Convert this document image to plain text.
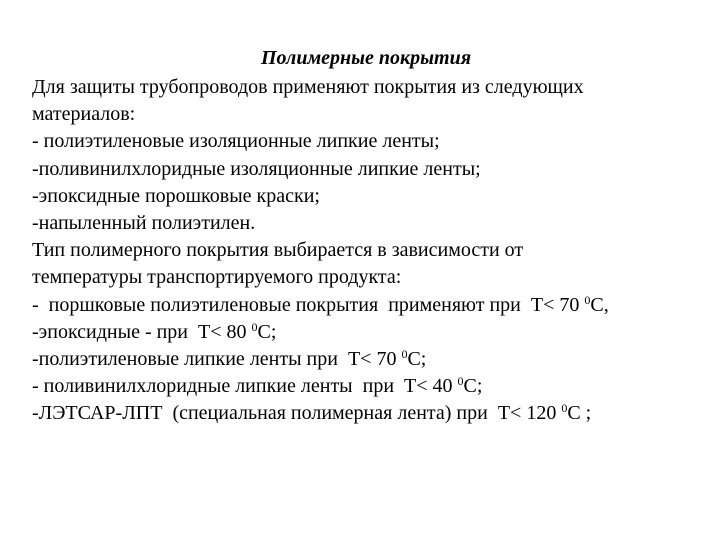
Полимерные покрытия
Для защиты трубопроводов применяют покрытия из следующих
материалов:
- полиэтиленовые изоляционные липкие ленты;
-поливинилхлоридные изоляционные липкие ленты;
-эпоксидные порошковые краски;
-напыленный полиэтилен.
Тип полимерного покрытия выбирается в зависимости от
температуры транспортируемого продукта:
-  поршковые полиэтиленовые покрытия  применяют при  T< 70 $^0$С,
-эпоксидные - при  T< 80 $^0$С;
-полиэтиленовые липкие ленты при  T< 70 $^0$С;
- поливинилхлоридные липкие ленты  при  T< 40 $^0$С;
-ЛЭТСАР-ЛПТ  (специальная полимерная лента) при  T< 120 $^0$С ;
